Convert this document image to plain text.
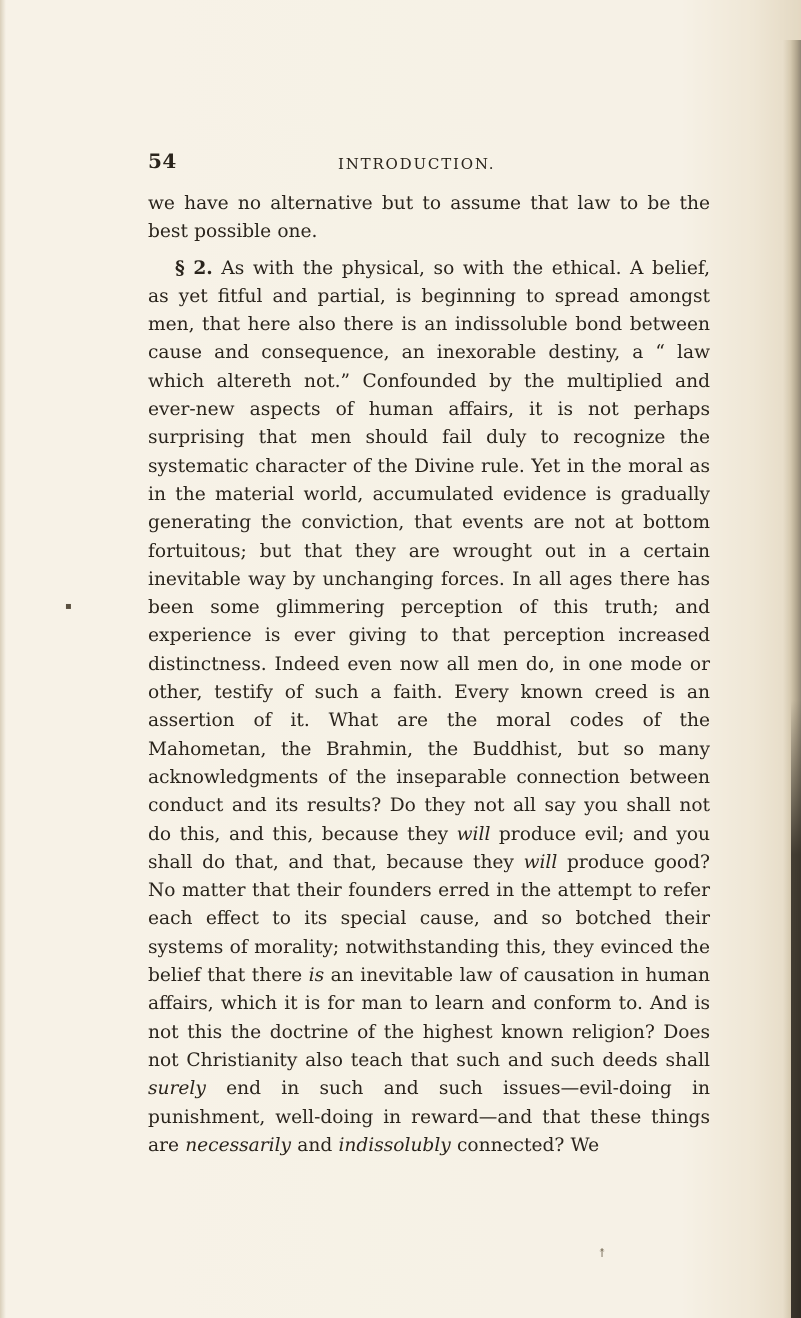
54	INTRODUCTION.

we have no alternative but to assume that law to be the best possible one.

§ 2. As with the physical, so with the ethical. A belief, as yet fitful and partial, is beginning to spread amongst men, that here also there is an indissoluble bond between cause and consequence, an inexorable destiny, a “ law which altereth not.” Confounded by the multiplied and ever-new aspects of human affairs, it is not perhaps surprising that men should fail duly to recognize the systematic character of the Divine rule. Yet in the moral as in the material world, accumulated evidence is gradually generating the conviction, that events are not at bottom fortuitous; but that they are wrought out in a certain inevitable way by unchanging forces. In all ages there has been some glimmering perception of this truth; and experience is ever giving to that perception increased distinctness. Indeed even now all men do, in one mode or other, testify of such a faith. Every known creed is an assertion of it. What are the moral codes of the Mahometan, the Brahmin, the Buddhist, but so many acknowledgments of the inseparable connection between conduct and its results? Do they not all say you shall not do this, and this, because they will produce evil; and you shall do that, and that, because they will produce good? No matter that their founders erred in the attempt to refer each effect to its special cause, and so botched their systems of morality; notwithstanding this, they evinced the belief that there is an inevitable law of causation in human affairs, which it is for man to learn and conform to. And is not this the doctrine of the highest known religion? Does not Christianity also teach that such and such deeds shall surely end in such and such issues—evil-doing in punishment, well-doing in reward—and that these things are necessarily and indissolubly connected? We

▪
↟
